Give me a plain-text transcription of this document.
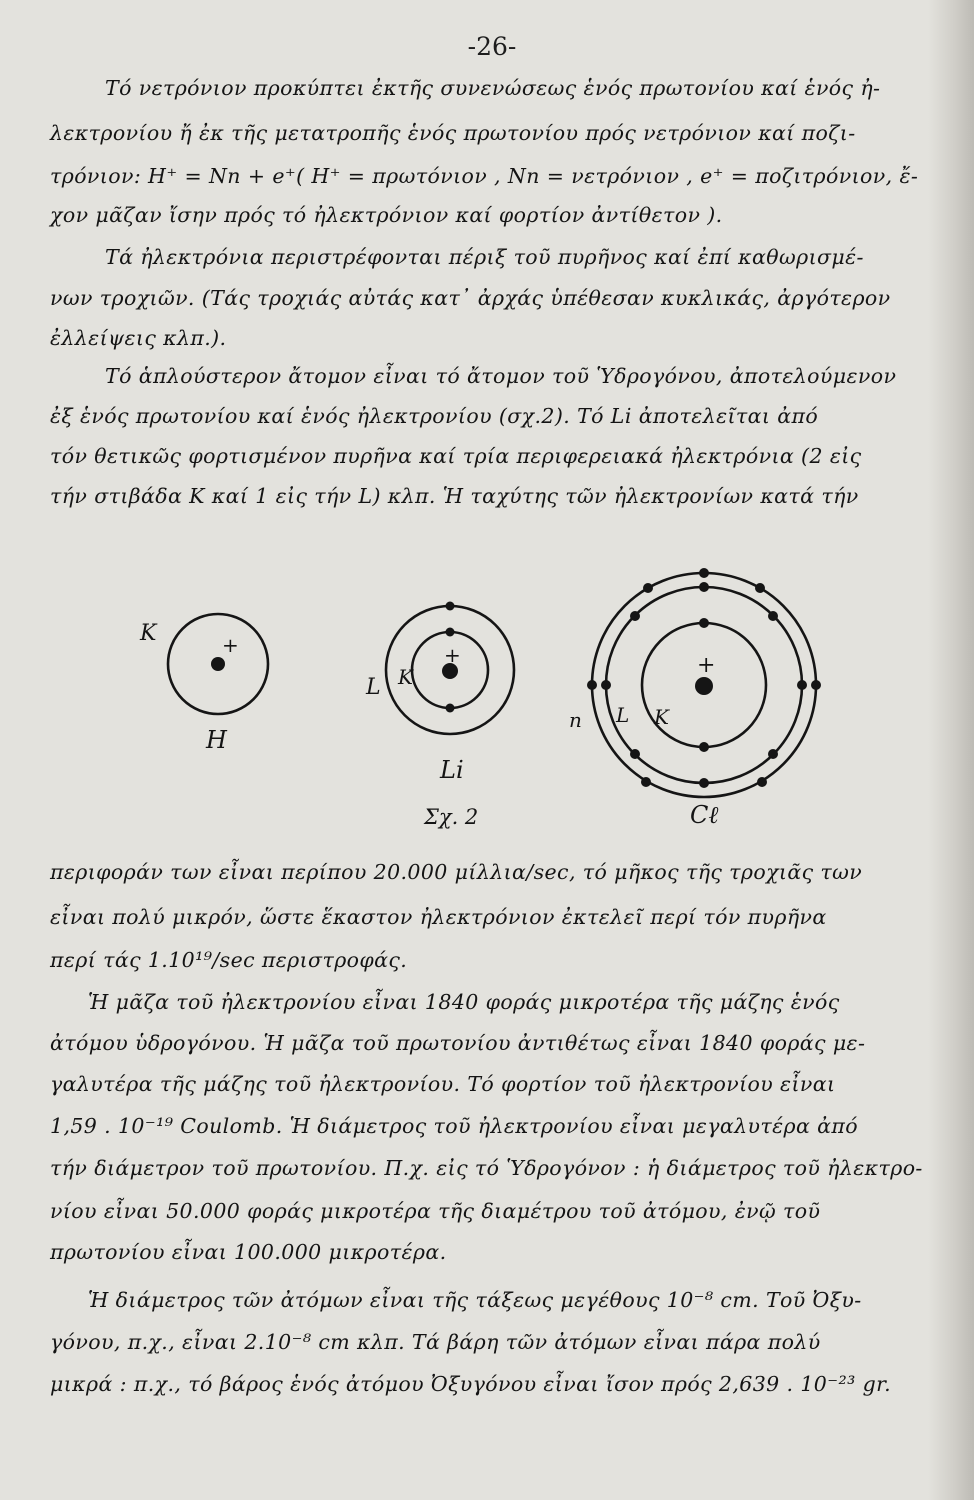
-26-
Τό νετρόνιον προκύπτει ἐκτῆς συνενώσεως ἑνός πρωτονίου καί ἑνός ἠ-
λεκτρονίου ἤ ἐκ τῆς μετατροπῆς ἑνός πρωτονίου πρός νετρόνιον καί ποζι-
τρόνιον: H⁺ = Nn + e⁺( H⁺ = πρωτόνιον , Nn = νετρόνιον , e⁺ = ποζιτρόνιον, ἔ-
χον μᾶζαν ἴσην πρός τό ἠλεκτρόνιον καί φορτίον ἀντίθετον ).
Τά ἠλεκτρόνια περιστρέφονται πέριξ τοῦ πυρῆνος καί ἐπί καθωρισμέ-
νων τροχιῶν. (Τάς τροχιάς αὐτάς κατ᾿ ἀρχάς ὑπέθεσαν κυκλικάς, ἀργότερον
ἐλλείψεις κλπ.).
Τό ἁπλούστερον ἄτομον εἶναι τό ἄτομον τοῦ Ὑδρογόνου, ἀποτελούμενον
ἐξ ἑνός πρωτονίου καί ἑνός ἠλεκτρονίου (σχ.2). Τό Li ἀποτελεῖται ἀπό
τόν θετικῶς φορτισμένον πυρῆνα καί τρία περιφερειακά ἠλεκτρόνια (2 εἰς
τήν στιβάδα K καί 1 εἰς τήν L) κλπ. Ἡ ταχύτης τῶν ἠλεκτρονίων κατά τήν
+
K
H
+
K
L
Li
+
K
L
n
Cℓ
Σχ. 2
περιφοράν των εἶναι περίπου 20.000 μίλλια/sec, τό μῆκος τῆς τροχιᾶς των
εἶναι πολύ μικρόν, ὥστε ἕκαστον ἠλεκτρόνιον ἐκτελεῖ περί τόν πυρῆνα
περί τάς 1.10¹⁹/sec περιστροφάς.
Ἡ μᾶζα τοῦ ἠλεκτρονίου εἶναι 1840 φοράς μικροτέρα τῆς μάζης ἑνός
ἀτόμου ὑδρογόνου. Ἡ μᾶζα τοῦ πρωτονίου ἀντιθέτως εἶναι 1840 φοράς με-
γαλυτέρα τῆς μάζης τοῦ ἠλεκτρονίου. Τό φορτίον τοῦ ἠλεκτρονίου εἶναι
1,59 . 10⁻¹⁹ Coulomb. Ἡ διάμετρος τοῦ ἠλεκτρονίου εἶναι μεγαλυτέρα ἀπό
τήν διάμετρον τοῦ πρωτονίου. Π.χ. εἰς τό Ὑδρογόνον : ἡ διάμετρος τοῦ ἠλεκτρο-
νίου εἶναι 50.000 φοράς μικροτέρα τῆς διαμέτρου τοῦ ἀτόμου, ἐνῷ τοῦ
πρωτονίου εἶναι 100.000 μικροτέρα.
Ἡ διάμετρος τῶν ἀτόμων εἶναι τῆς τάξεως μεγέθους 10⁻⁸ cm. Τοῦ Ὀξυ-
γόνου, π.χ., εἶναι 2.10⁻⁸ cm κλπ. Τά βάρη τῶν ἀτόμων εἶναι πάρα πολύ
μικρά : π.χ., τό βάρος ἑνός ἀτόμου Ὀξυγόνου εἶναι ἴσον πρός 2,639 . 10⁻²³ gr.
